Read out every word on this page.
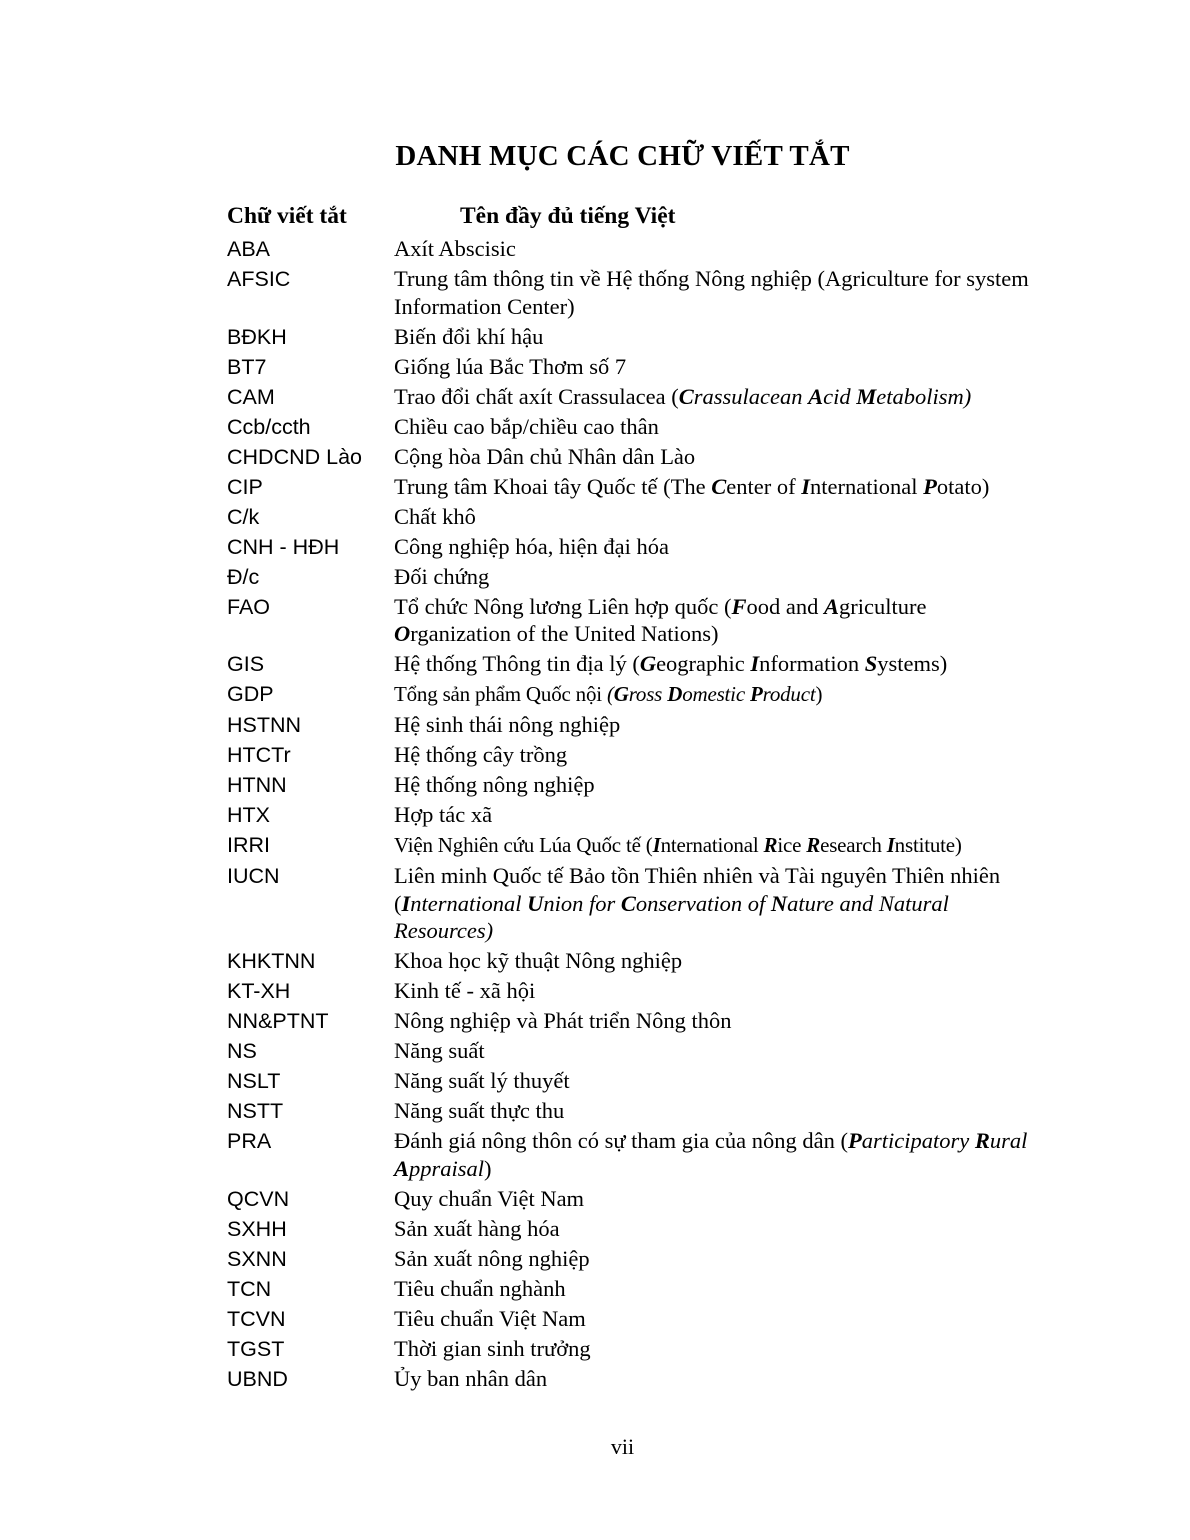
DANH MỤC CÁC CHỮ VIẾT TẮT
Chữ viết tắt	Tên đầy đủ tiếng Việt
ABA	Axít Abscisic
AFSIC	Trung tâm thông tin về Hệ thống Nông nghiệp (Agriculture for system Information Center)
BĐKH	Biến đổi khí hậu
BT7	Giống lúa Bắc Thơm số 7
CAM	Trao đổi chất axít Crassulacea (Crassulacean Acid Metabolism)
Ccb/ccth	Chiều cao bắp/chiều cao thân
CHDCND Lào	Cộng hòa Dân chủ Nhân dân Lào
CIP	Trung tâm Khoai tây Quốc tế (The Center of International Potato)
C/k	Chất khô
CNH - HĐH	Công nghiệp hóa, hiện đại hóa
Đ/c	Đối chứng
FAO	Tổ chức Nông lương Liên hợp quốc (Food and Agriculture Organization of the United Nations)
GIS	Hệ thống Thông tin địa lý (Geographic Information Systems)
GDP	Tổng sản phẩm Quốc nội (Gross Domestic Product)
HSTNN	Hệ sinh thái nông nghiệp
HTCTr	Hệ thống cây trồng
HTNN	Hệ thống nông nghiệp
HTX	Hợp tác xã
IRRI	Viện Nghiên cứu Lúa Quốc tế (International Rice Research Institute)
IUCN	Liên minh Quốc tế Bảo tồn Thiên nhiên và Tài nguyên Thiên nhiên (International Union for Conservation of Nature and Natural Resources)
KHKTNN	Khoa học kỹ thuật Nông nghiệp
KT-XH	Kinh tế - xã hội
NN&PTNT	Nông nghiệp và Phát triển Nông thôn
NS	Năng suất
NSLT	Năng suất lý thuyết
NSTT	Năng suất thực thu
PRA	Đánh giá nông thôn có sự tham gia của nông dân (Participatory Rural Appraisal)
QCVN	Quy chuẩn Việt Nam
SXHH	Sản xuất hàng hóa
SXNN	Sản xuất nông nghiệp
TCN	Tiêu chuẩn nghành
TCVN	Tiêu chuẩn Việt Nam
TGST	Thời gian sinh trưởng
UBND	Ủy ban nhân dân
vii
